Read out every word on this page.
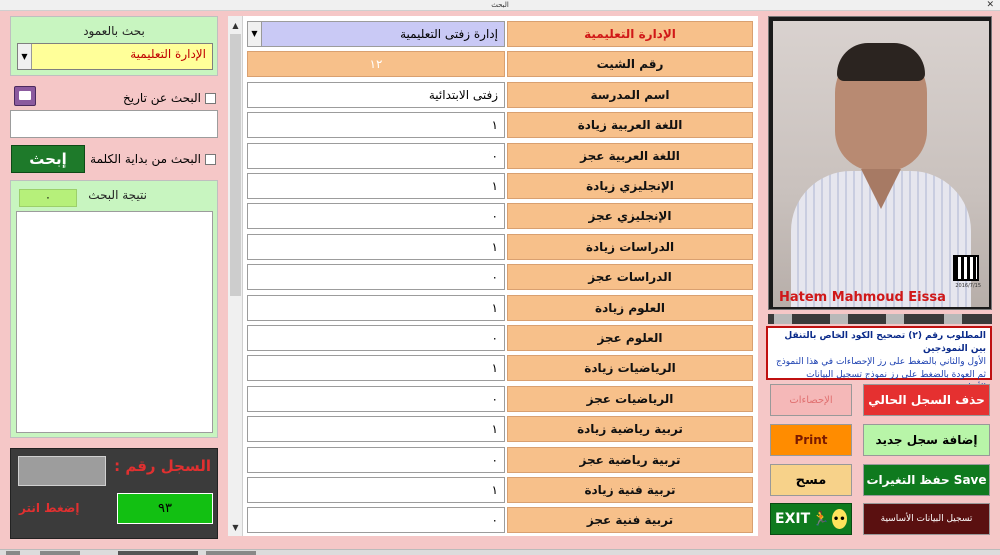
البحث	✕
بحث بالعمود
▼	الإدارة التعليمية
البحث عن تاريخ
إبحث	البحث من بداية الكلمة
نتيجة البحث
٠
السجل رقم :
إضغط انتر	٩٣
▲
▼
الإدارة التعليمية
إدارة زفتى التعليمية
▼
رقم الشيت
١٢
اسم المدرسة
زفتى الابتدائية
اللغة العربية زيادة
١
اللغة العربية عجز
٠
الإنجليزي زيادة
١
الإنجليزي عجز
٠
الدراسات زيادة
١
الدراسات عجز
٠
العلوم زيادة
١
العلوم عجز
٠
الرياضيات زيادة
١
الرياضيات عجز
٠
تربية رياضية زيادة
١
تربية رياضية عجز
٠
تربية فنية زيادة
١
تربية فنية عجز
٠
2016/7/15
Hatem Mahmoud Eissa
المطلوب رقم (٢) تصحيح الكود الخاص بالتنقل بين النموذجين
الأول والثاني بالضغط على رز الإحصاءات في هذا النموذج
ثم العودة بالضغط على رز نموذج تسجيل البيانات
حذف السجل الحالي
الإحصاءات
إضافة سجل جديد
Print
حفظ التغيرات Save
مسح
تسجيل البيانات الأساسية
EXIT 🏃 ••
